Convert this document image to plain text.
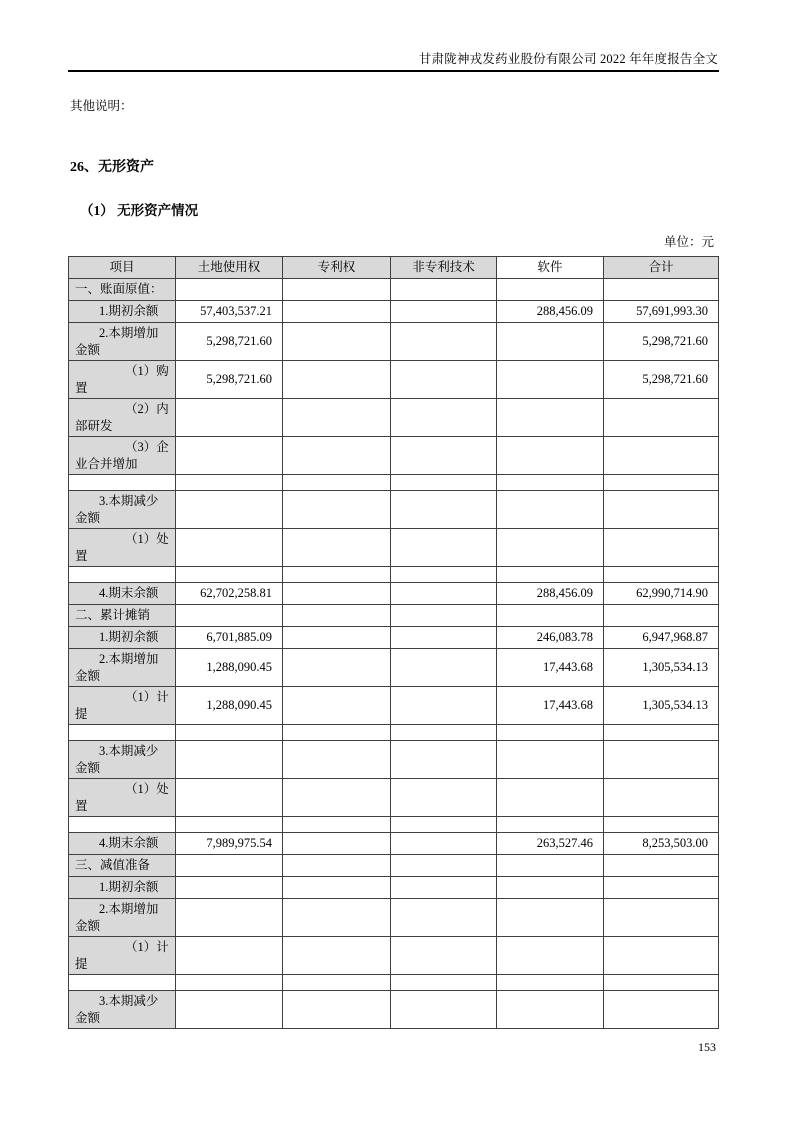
甘肃陇神戎发药业股份有限公司 2022 年年度报告全文
其他说明：
26、无形资产
（1） 无形资产情况
单位：元
项目	土地使用权	专利权	非专利技术	软件	合计
一、账面原值：					
1.期初余额	57,403,537.21			288,456.09	57,691,993.30
2.本期增加金额	5,298,721.60				5,298,721.60
（1）购置	5,298,721.60				5,298,721.60
（2）内部研发					
（3）企业合并增加					

3.本期减少金额					
（1）处置					

4.期末余额	62,702,258.81			288,456.09	62,990,714.90
二、累计摊销					
1.期初余额	6,701,885.09			246,083.78	6,947,968.87
2.本期增加金额	1,288,090.45			17,443.68	1,305,534.13
（1）计提	1,288,090.45			17,443.68	1,305,534.13

3.本期减少金额					
（1）处置					

4.期末余额	7,989,975.54			263,527.46	8,253,503.00
三、减值准备					
1.期初余额					
2.本期增加金额					
（1）计提					

3.本期减少金额					
153
